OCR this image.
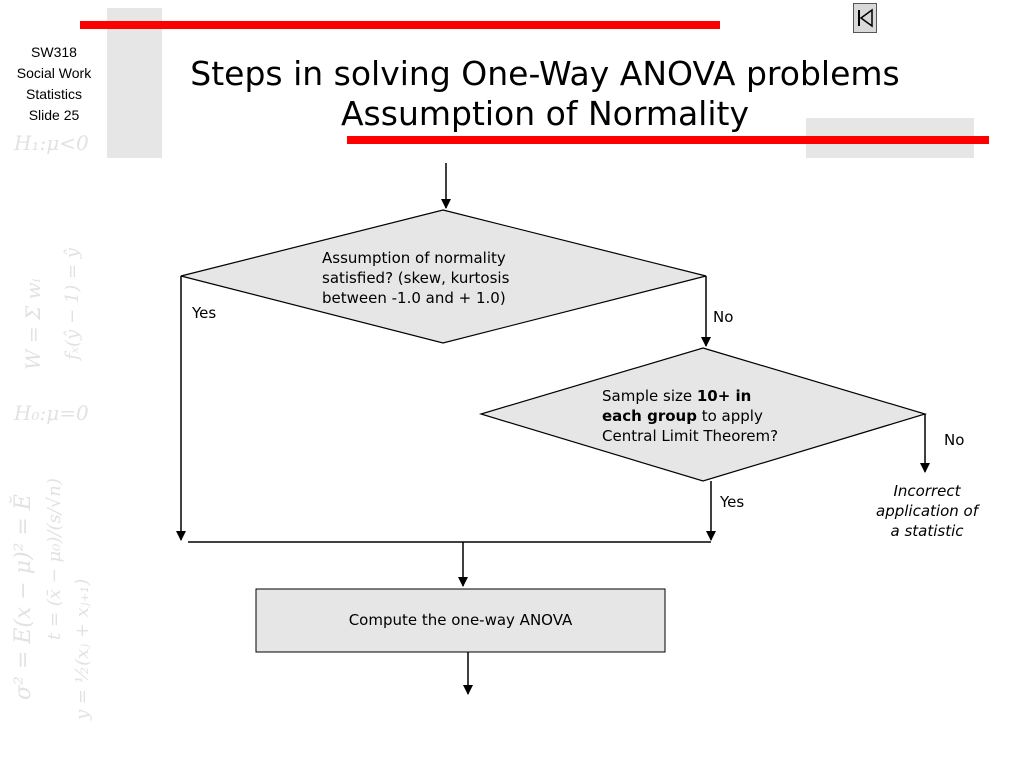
SW318
Social Work
Statistics
Slide 25
H₁:μ<0
H₀:μ=0
σ² = E(x − μ)² = Ĕ t = (x̄ − μ₀)/(s/√n)
y = ½(xⱼ + xⱼ₊₁)
W = Σ wᵢ fₓ(ŷ − 1) = ŷ
Steps in solving One-Way ANOVA problems
Assumption of Normality
Assumption of normality
satisfied? (skew, kurtosis
between -1.0 and + 1.0)
Yes	No
Sample size 10+ in
each group to apply
Central Limit Theorem?	No
Yes
Incorrect
application of
a statistic
Compute the one-way ANOVA
